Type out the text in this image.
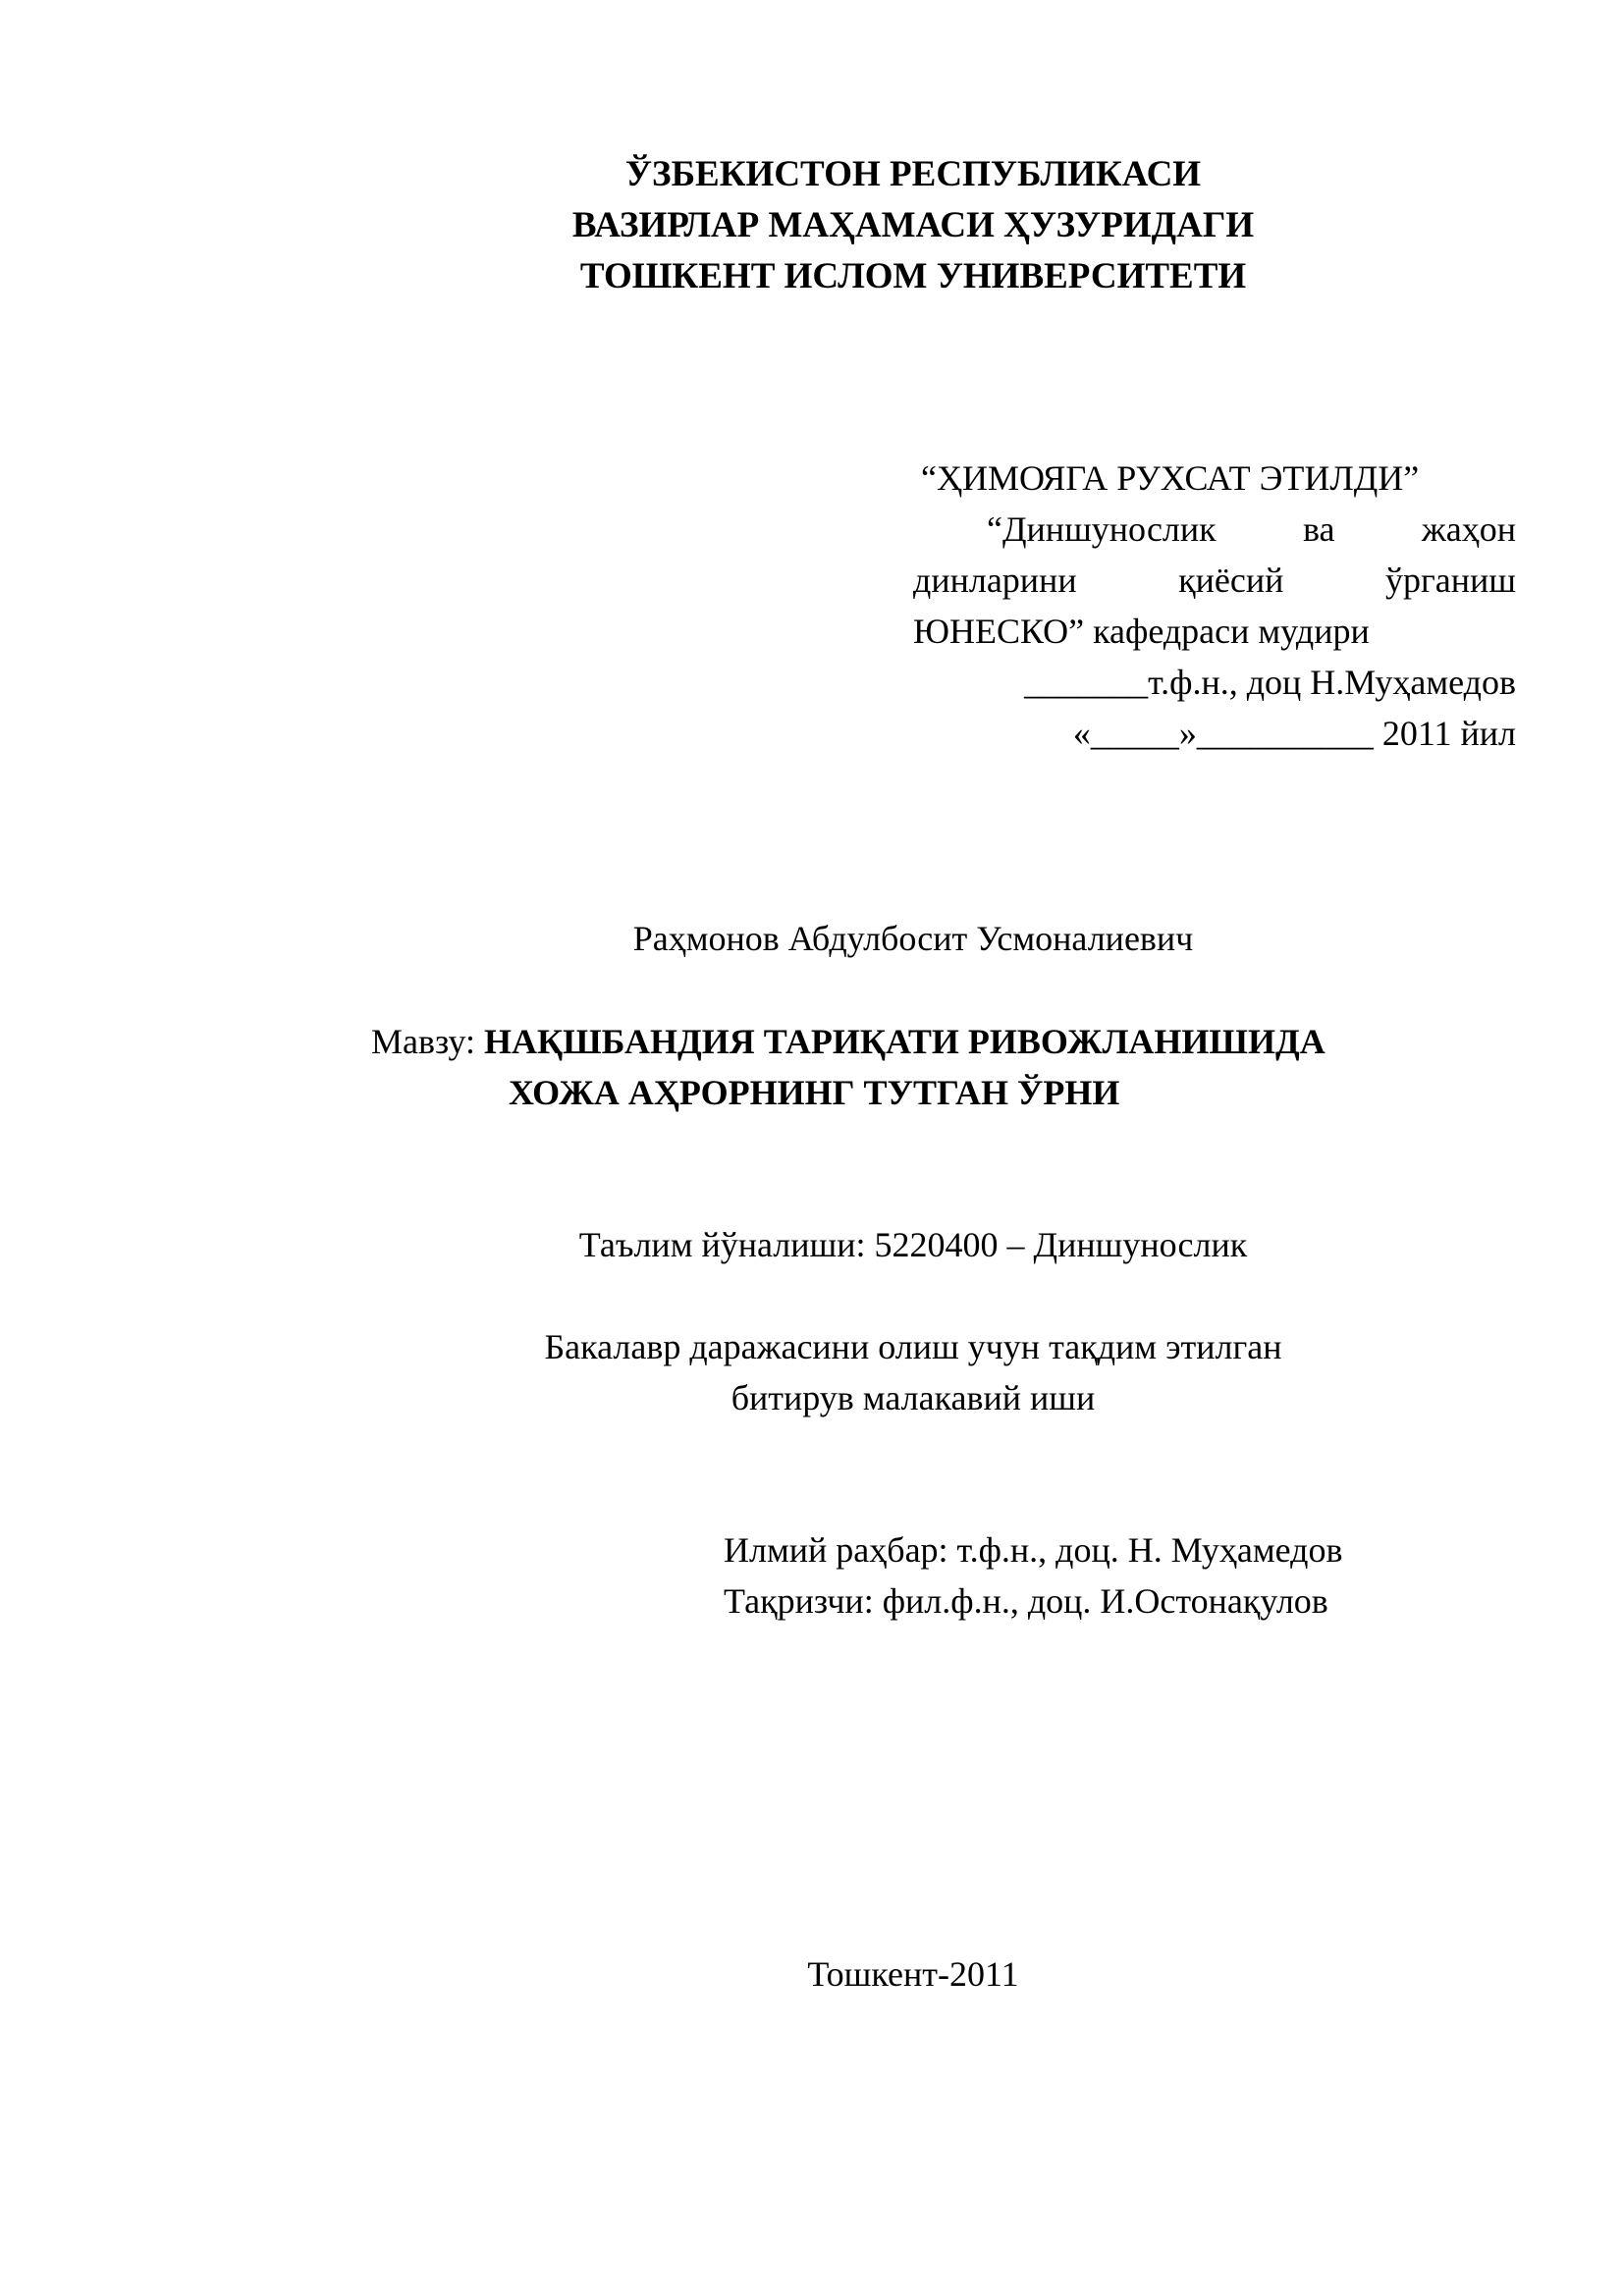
ЎЗБЕКИСТОН РЕСПУБЛИКАСИ
ВАЗИРЛАР МАҲАМАСИ ҲУЗУРИДАГИ
ТОШКЕНТ ИСЛОМ УНИВЕРСИТЕТИ
“ҲИМОЯГА РУХСАТ ЭТИЛДИ”
“Диншунослик ва жаҳон
динларини	қиёсий	ўрганиш
ЮНЕСКО” кафедраси мудири
_______т.ф.н., доц Н.Муҳамедов
«_____»__________ 2011 йил
Раҳмонов Абдулбосит Усмоналиевич
Мавзу: НАҚШБАНДИЯ ТАРИҚАТИ РИВОЖЛАНИШИДА
ХОЖА АҲРОРНИНГ ТУТГАН ЎРНИ
Таълим йўналиши: 5220400 – Диншунослик
Бакалавр даражасини олиш учун тақдим этилган
битирув малакавий иши
Илмий раҳбар: т.ф.н., доц. Н. Муҳамедов
Тақризчи: фил.ф.н., доц. И.Остонақулов
Тошкент-2011
